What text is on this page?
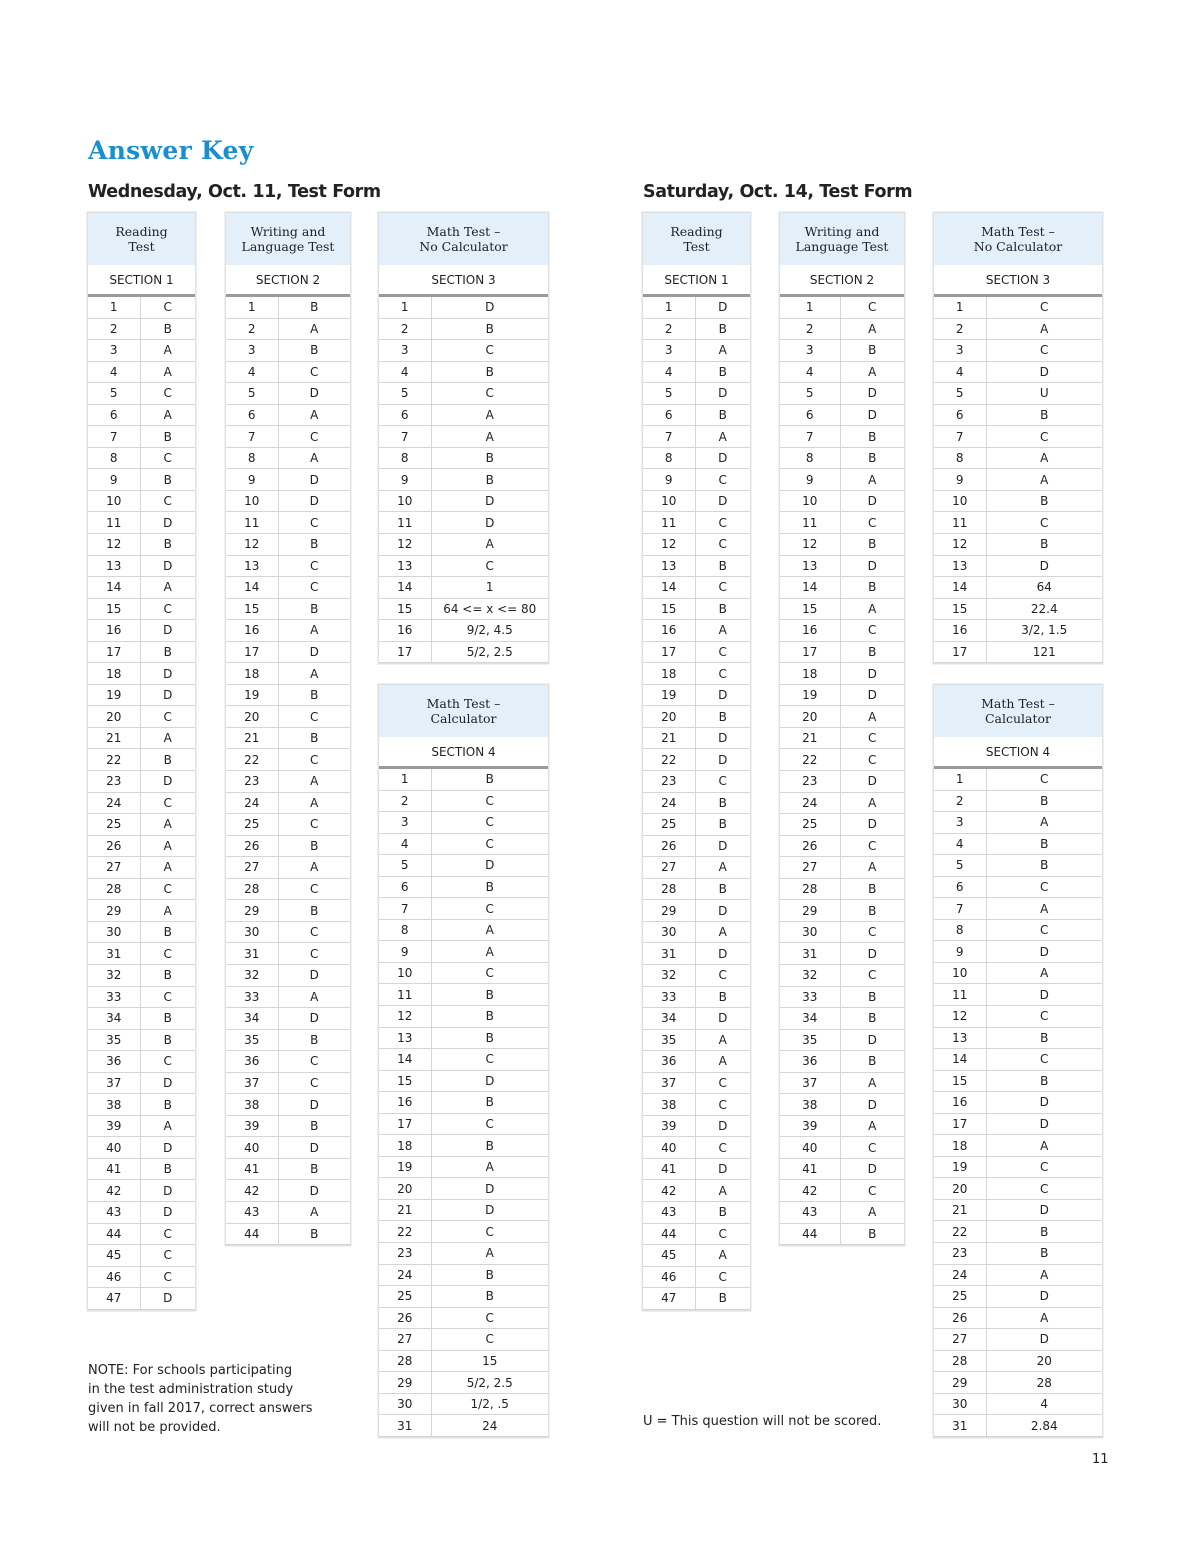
Answer Key
Wednesday, Oct. 11, Test Form	Saturday, Oct. 14, Test Form
Reading
Test	
SECTION 1	
1	C
2	B
3	A
4	A
5	C
6	A
7	B
8	C
9	B
10	C
11	D
12	B
13	D
14	A
15	C
16	D
17	B
18	D
19	D
20	C
21	A
22	B
23	D
24	C
25	A
26	A
27	A
28	C
29	A
30	B
31	C
32	B
33	C
34	B
35	B
36	C
37	D
38	B
39	A
40	D
41	B
42	D
43	D
44	C
45	C
46	C
47	D
Writing and
Language Test	
SECTION 2	
1	B
2	A
3	B
4	C
5	D
6	A
7	C
8	A
9	D
10	D
11	C
12	B
13	C
14	C
15	B
16	A
17	D
18	A
19	B
20	C
21	B
22	C
23	A
24	A
25	C
26	B
27	A
28	C
29	B
30	C
31	C
32	D
33	A
34	D
35	B
36	C
37	C
38	D
39	B
40	D
41	B
42	D
43	A
44	B
Math Test –
No Calculator	
SECTION 3	
1	D
2	B
3	C
4	B
5	C
6	A
7	A
8	B
9	B
10	D
11	D
12	A
13	C
14	1
15	64 <= x <= 80
16	9/2, 4.5
17	5/2, 2.5
Math Test –
Calculator	
SECTION 4	
1	B
2	C
3	C
4	C
5	D
6	B
7	C
8	A
9	A
10	C
11	B
12	B
13	B
14	C
15	D
16	B
17	C
18	B
19	A
20	D
21	D
22	C
23	A
24	B
25	B
26	C
27	C
28	15
29	5/2, 2.5
30	1/2, .5
31	24
Reading
Test	
SECTION 1	
1	D
2	B
3	A
4	B
5	D
6	B
7	A
8	D
9	C
10	D
11	C
12	C
13	B
14	C
15	B
16	A
17	C
18	C
19	D
20	B
21	D
22	D
23	C
24	B
25	B
26	D
27	A
28	B
29	D
30	A
31	D
32	C
33	B
34	D
35	A
36	A
37	C
38	C
39	D
40	C
41	D
42	A
43	B
44	C
45	A
46	C
47	B
Writing and
Language Test	
SECTION 2	
1	C
2	A
3	B
4	A
5	D
6	D
7	B
8	B
9	A
10	D
11	C
12	B
13	D
14	B
15	A
16	C
17	B
18	D
19	D
20	A
21	C
22	C
23	D
24	A
25	D
26	C
27	A
28	B
29	B
30	C
31	D
32	C
33	B
34	B
35	D
36	B
37	A
38	D
39	A
40	C
41	D
42	C
43	A
44	B
Math Test –
No Calculator	
SECTION 3	
1	C
2	A
3	C
4	D
5	U
6	B
7	C
8	A
9	A
10	B
11	C
12	B
13	D
14	64
15	22.4
16	3/2, 1.5
17	121
Math Test –
Calculator	
SECTION 4	
1	C
2	B
3	A
4	B
5	B
6	C
7	A
8	C
9	D
10	A
11	D
12	C
13	B
14	C
15	B
16	D
17	D
18	A
19	C
20	C
21	D
22	B
23	B
24	A
25	D
26	A
27	D
28	20
29	28
30	4
31	2.84
NOTE: For schools participating
in the test administration study
given in fall 2017, correct answers
will not be provided.	U = This question will not be scored.
11
